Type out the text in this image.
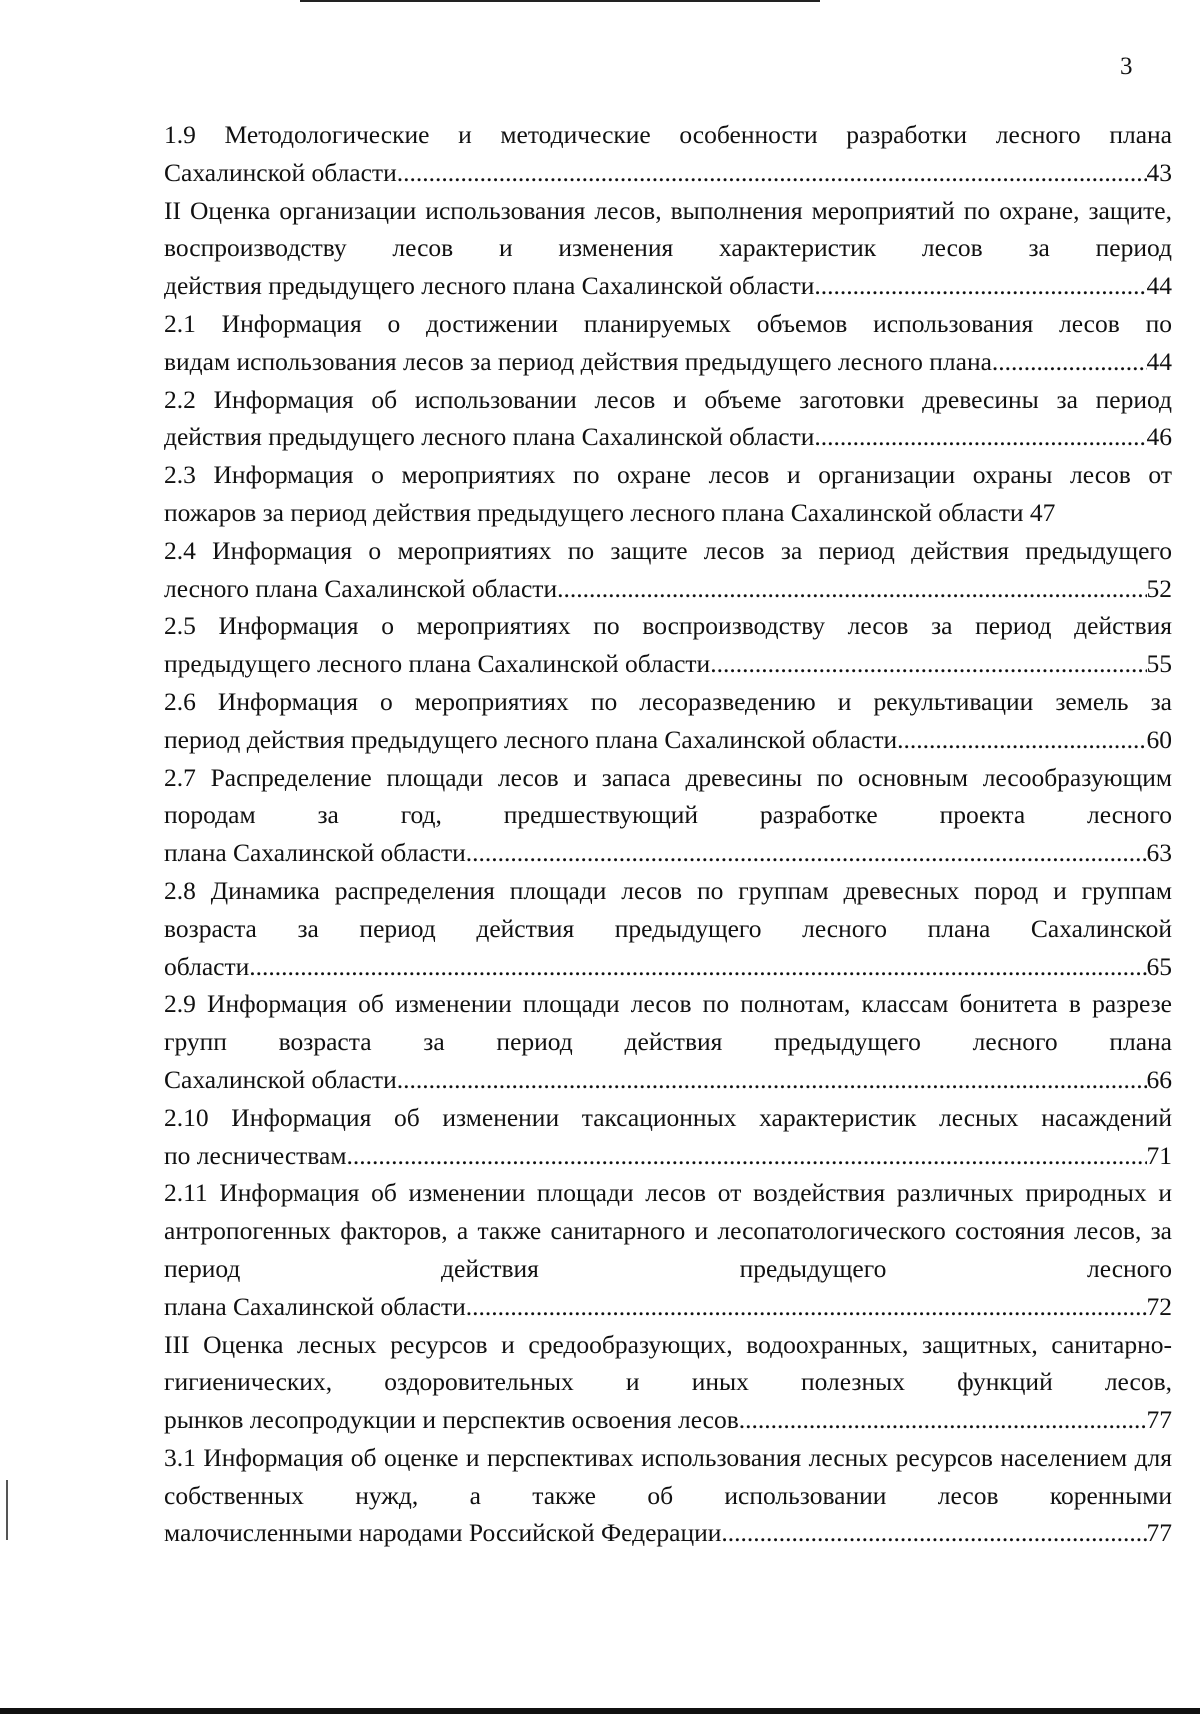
3
1.9 Методологические и методические особенности разработки лесного плана
Сахалинской области .....	43
II Оценка организации использования лесов, выполнения мероприятий по охране, защите, воспроизводству лесов и изменения характеристик лесов за период
действия предыдущего лесного плана Сахалинской области .....	44
2.1 Информация о достижении планируемых объемов использования лесов по
видам использования лесов за период действия предыдущего лесного плана .....	44
2.2 Информация об использовании лесов и объеме заготовки древесины за период
действия предыдущего лесного плана Сахалинской области .....	46
2.3 Информация о мероприятиях по охране лесов и организации охраны лесов от
пожаров за период действия предыдущего лесного плана Сахалинской области 47
2.4 Информация о мероприятиях по защите лесов за период действия предыдущего
лесного плана Сахалинской области .....	52
2.5 Информация о мероприятиях по воспроизводству лесов за период действия
предыдущего лесного плана Сахалинской области .....	55
2.6 Информация о мероприятиях по лесоразведению и рекультивации земель за
период действия предыдущего лесного плана Сахалинской области .....	60
2.7 Распределение площади лесов и запаса древесины по основным лесообразующим породам за год, предшествующий разработке проекта лесного
плана Сахалинской области .....	63
2.8 Динамика распределения площади лесов по группам древесных пород и группам возраста за период действия предыдущего лесного плана Сахалинской
области .....	65
2.9 Информация об изменении площади лесов по полнотам, классам бонитета в разрезе групп возраста за период действия предыдущего лесного плана
Сахалинской области .....	66
2.10 Информация об изменении таксационных характеристик лесных насаждений
по лесничествам .....	71
2.11 Информация об изменении площади лесов от воздействия различных природных и антропогенных факторов, а также санитарного и лесопатологического состояния лесов, за период действия предыдущего лесного
плана Сахалинской области .....	72
III Оценка лесных ресурсов и средообразующих, водоохранных, защитных, санитарно-гигиенических, оздоровительных и иных полезных функций лесов,
рынков лесопродукции и перспектив освоения лесов .....	77
3.1 Информация об оценке и перспективах использования лесных ресурсов населением для собственных нужд, а также об использовании лесов коренными
малочисленными народами Российской Федерации .....	77
